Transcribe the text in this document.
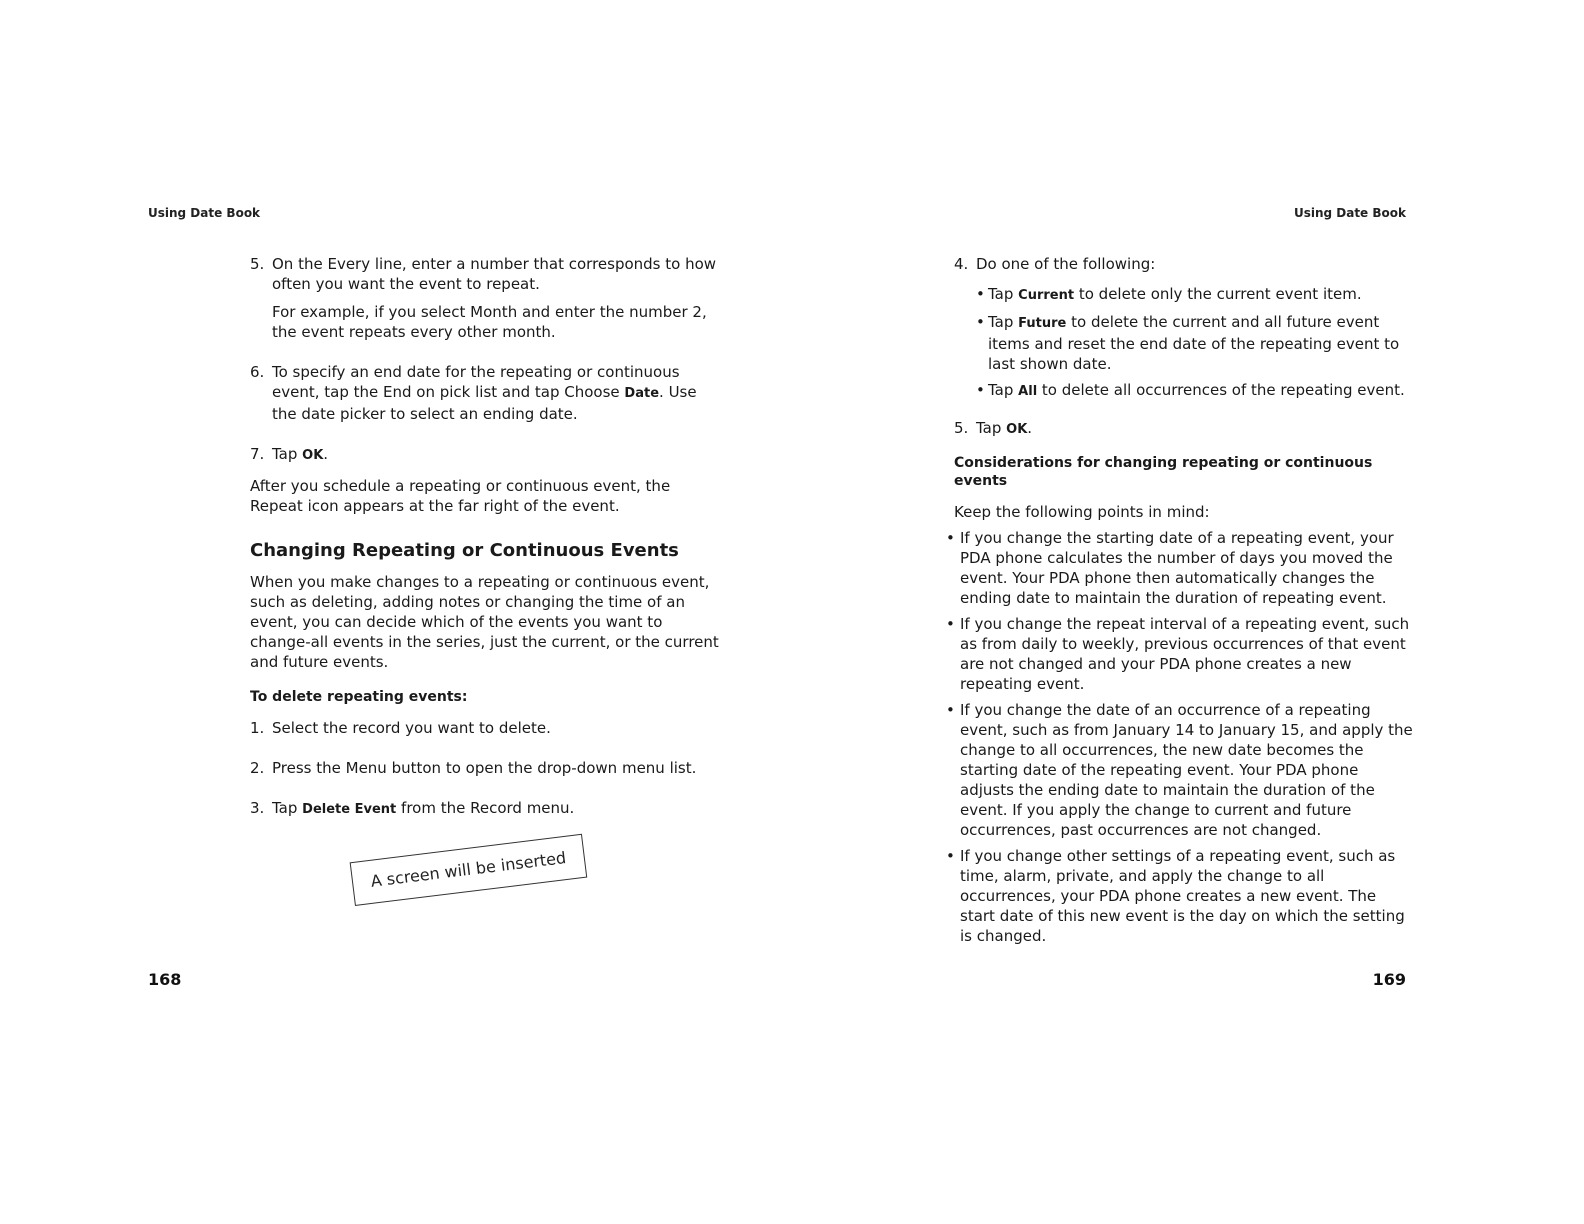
Using Date Book
5. On the Every line, enter a number that corresponds to how often you want the event to repeat.
For example, if you select Month and enter the number 2, the event repeats every other month.
6. To specify an end date for the repeating or continuous event, tap the End on pick list and tap Choose Date. Use the date picker to select an ending date.
7. Tap OK.
After you schedule a repeating or continuous event, the Repeat icon appears at the far right of the event.
Changing Repeating or Continuous Events
When you make changes to a repeating or continuous event, such as deleting, adding notes or changing the time of an event, you can decide which of the events you want to change-all events in the series, just the current, or the current and future events.
To delete repeating events:
1. Select the record you want to delete.
2. Press the Menu button to open the drop-down menu list.
3. Tap Delete Event from the Record menu.
A screen will be inserted
168
Using Date Book
4. Do one of the following:
• Tap Current to delete only the current event item.
• Tap Future to delete the current and all future event items and reset the end date of the repeating event to last shown date.
• Tap All to delete all occurrences of the repeating event.
5. Tap OK.
Considerations for changing repeating or continuous events
Keep the following points in mind:
• If you change the starting date of a repeating event, your PDA phone calculates the number of days you moved the event. Your PDA phone then automatically changes the ending date to maintain the duration of repeating event.
• If you change the repeat interval of a repeating event, such as from daily to weekly, previous occurrences of that event are not changed and your PDA phone creates a new repeating event.
• If you change the date of an occurrence of a repeating event, such as from January 14 to January 15, and apply the change to all occurrences, the new date becomes the starting date of the repeating event. Your PDA phone adjusts the ending date to maintain the duration of the event. If you apply the change to current and future occurrences, past occurrences are not changed.
• If you change other settings of a repeating event, such as time, alarm, private, and apply the change to all occurrences, your PDA phone creates a new event. The start date of this new event is the day on which the setting is changed.
169
